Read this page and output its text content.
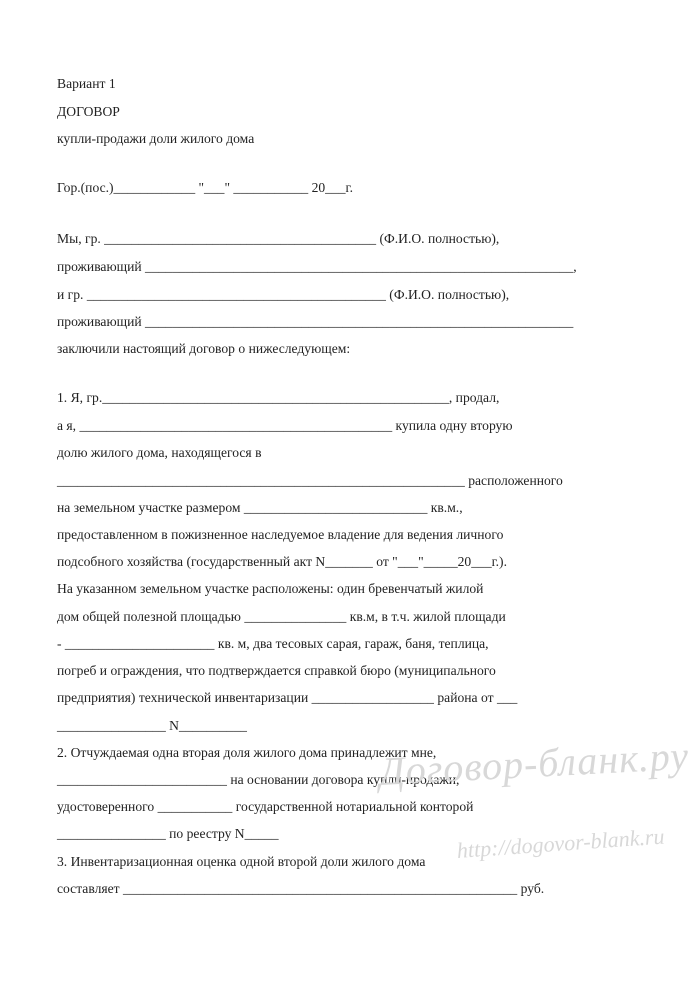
Вариант 1

ДОГОВОР

купли-продажи доли жилого дома

Гор.(пос.)____________ "___" ___________ 20___г.

Мы, гр. ________________________________________ (Ф.И.О. полностью),

проживающий _______________________________________________________________,

и гр. ____________________________________________ (Ф.И.О. полностью),

проживающий _______________________________________________________________

заключили настоящий договор о нижеследующем:

1. Я, гр.___________________________________________________, продал,

а я, ______________________________________________ купила одну вторую

долю жилого дома, находящегося в

____________________________________________________________ расположенного

на земельном участке размером ___________________________ кв.м.,

предоставленном в пожизненное наследуемое владение для ведения личного

подсобного хозяйства (государственный акт N_______ от "___"_____20___г.).

На указанном земельном участке расположены: один бревенчатый жилой

дом общей полезной площадью _______________ кв.м, в т.ч. жилой площади

- ______________________ кв. м, два тесовых сарая, гараж, баня, теплица,

погреб и ограждения, что подтверждается справкой бюро (муниципального

предприятия) технической инвентаризации __________________ района от ___

________________ N__________

2. Отчуждаемая одна вторая доля жилого дома принадлежит мне,

_________________________ на основании договора купли-продажи,

удостоверенного ___________ государственной нотариальной конторой

________________ по реестру N_____

3. Инвентаризационная оценка одной второй доли жилого дома

составляет __________________________________________________________ руб.

Договор-бланк.ру
http://dogovor-blank.ru
